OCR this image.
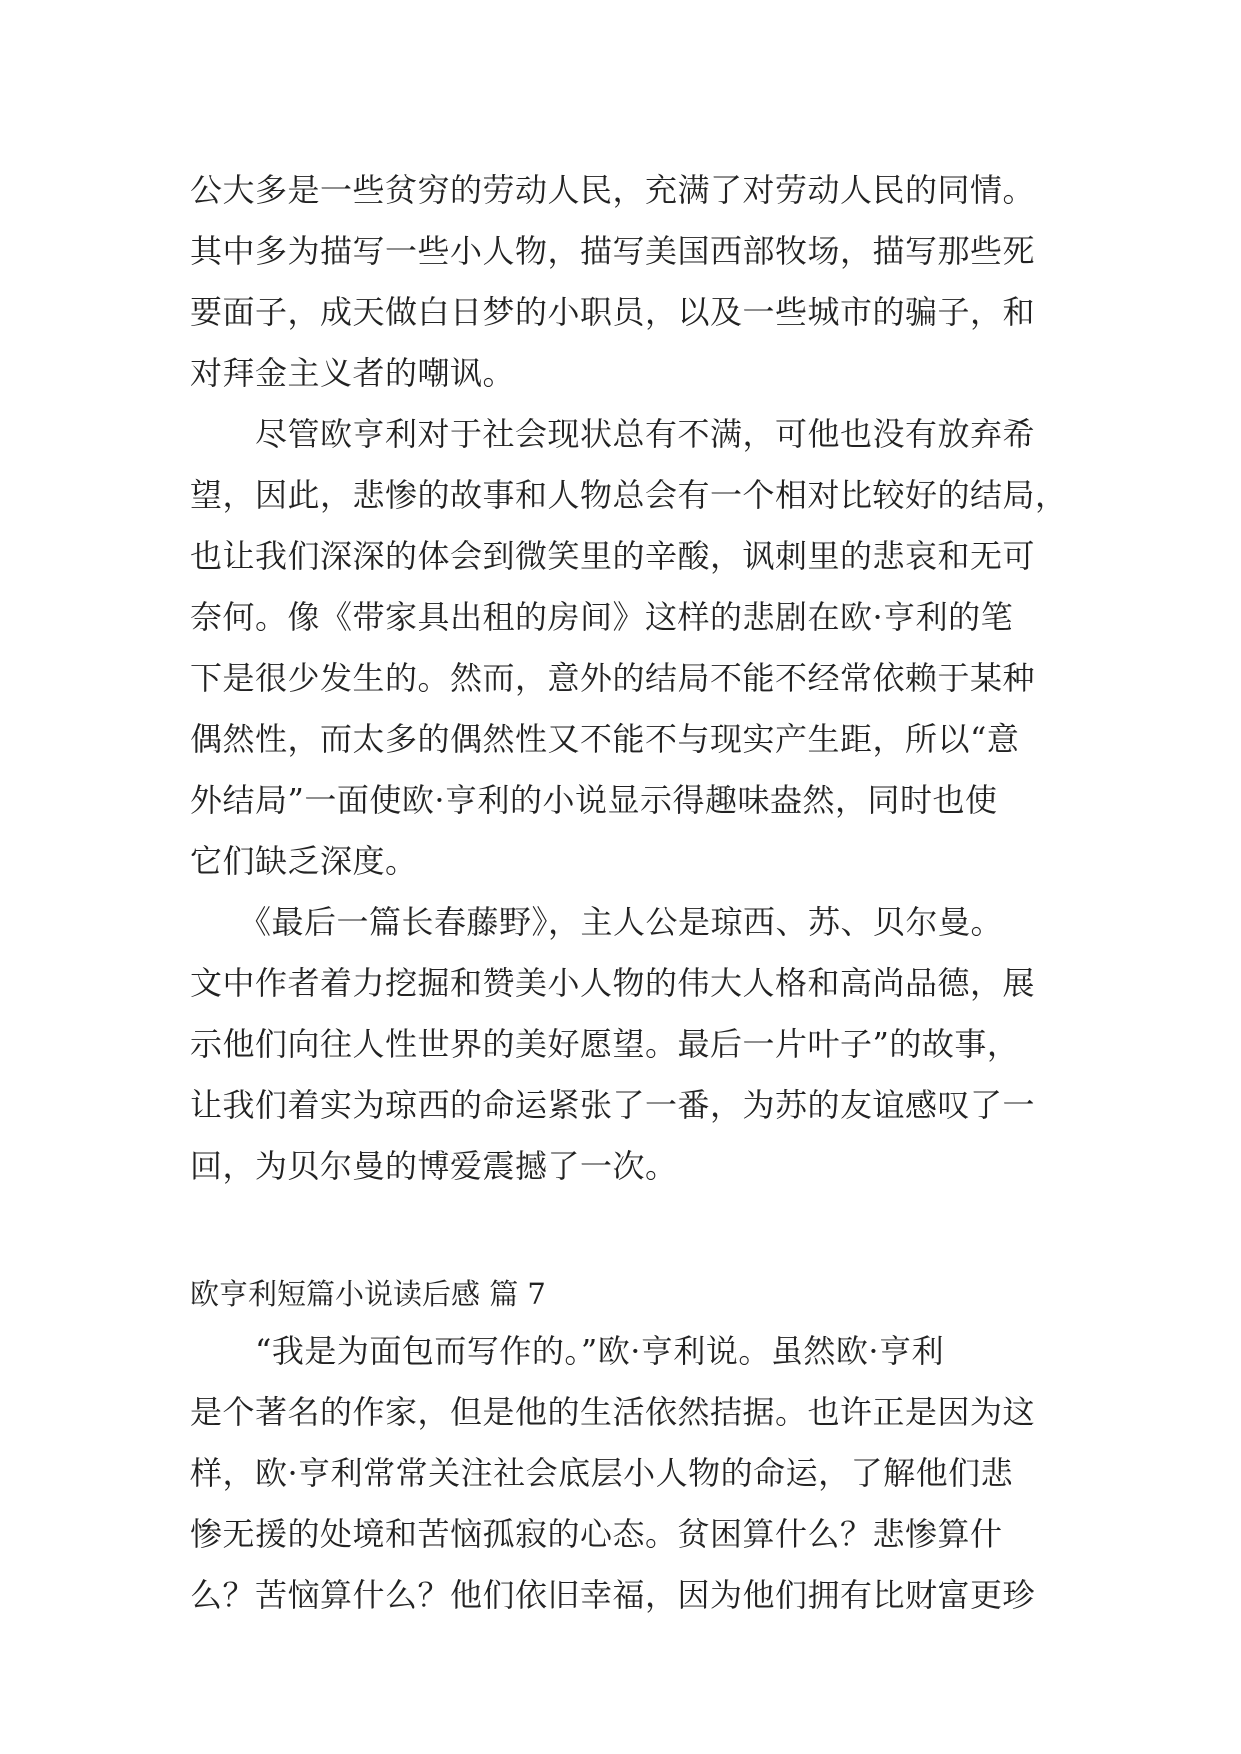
公大多是一些贫穷的劳动人民，充满了对劳动人民的同情。
其中多为描写一些小人物，描写美国西部牧场，描写那些死
要面子，成天做白日梦的小职员，以及一些城市的骗子，和
对拜金主义者的嘲讽。
　　尽管欧亨利对于社会现状总有不满，可他也没有放弃希
望，因此，悲惨的故事和人物总会有一个相对比较好的结局，
也让我们深深的体会到微笑里的辛酸，讽刺里的悲哀和无可
奈何。像《带家具出租的房间》这样的悲剧在欧·亨利的笔
下是很少发生的。然而，意外的结局不能不经常依赖于某种
偶然性，而太多的偶然性又不能不与现实产生距，所以“意
外结局”一面使欧·亨利的小说显示得趣味盎然，同时也使
它们缺乏深度。
　　《最后一篇长春藤野》，主人公是琼西、苏、贝尔曼。
文中作者着力挖掘和赞美小人物的伟大人格和高尚品德，展
示他们向往人性世界的美好愿望。最后一片叶子”的故事，
让我们着实为琼西的命运紧张了一番，为苏的友谊感叹了一
回，为贝尔曼的博爱震撼了一次。
欧亨利短篇小说读后感 篇 7
　　“我是为面包而写作的。”欧·亨利说。虽然欧·亨利
是个著名的作家，但是他的生活依然拮据。也许正是因为这
样，欧·亨利常常关注社会底层小人物的命运，了解他们悲
惨无援的处境和苦恼孤寂的心态。贫困算什么？悲惨算什
么？苦恼算什么？他们依旧幸福，因为他们拥有比财富更珍
